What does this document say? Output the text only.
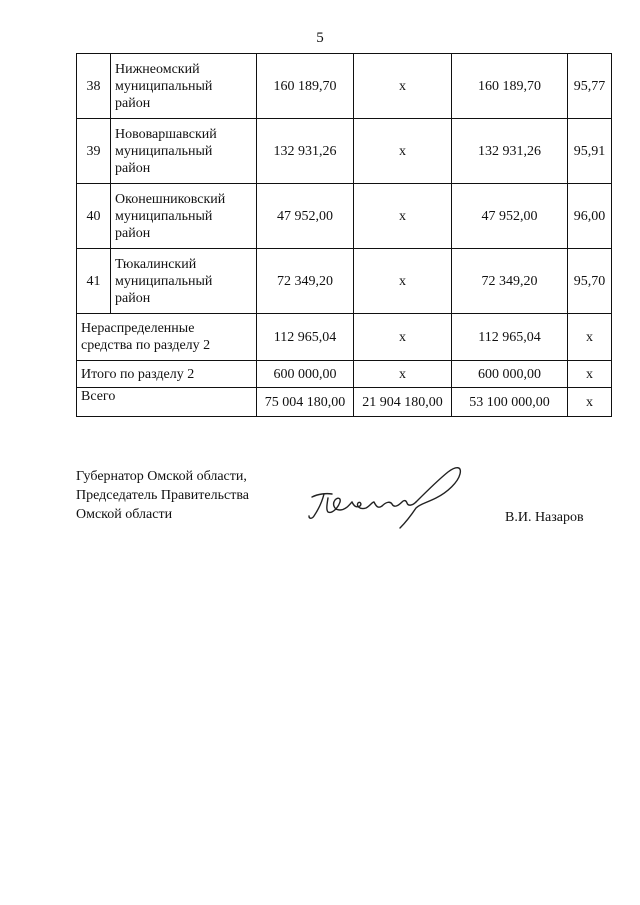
5
38	Нижнеомский
муниципальный
район	160 189,70	х	160 189,70	95,77
39	Нововаршавский
муниципальный
район	132 931,26	х	132 931,26	95,91
40	Оконешниковский
муниципальный
район	47 952,00	х	47 952,00	96,00
41	Тюкалинский
муниципальный
район	72 349,20	х	72 349,20	95,70
Нераспределенные
средства по разделу 2		112 965,04	х	112 965,04	х
Итого по разделу 2		600 000,00	х	600 000,00	х
Всего		75 004 180,00	21 904 180,00	53 100 000,00	х
Губернатор Омской области,
Председатель Правительства
Омской области	В.И. Назаров
